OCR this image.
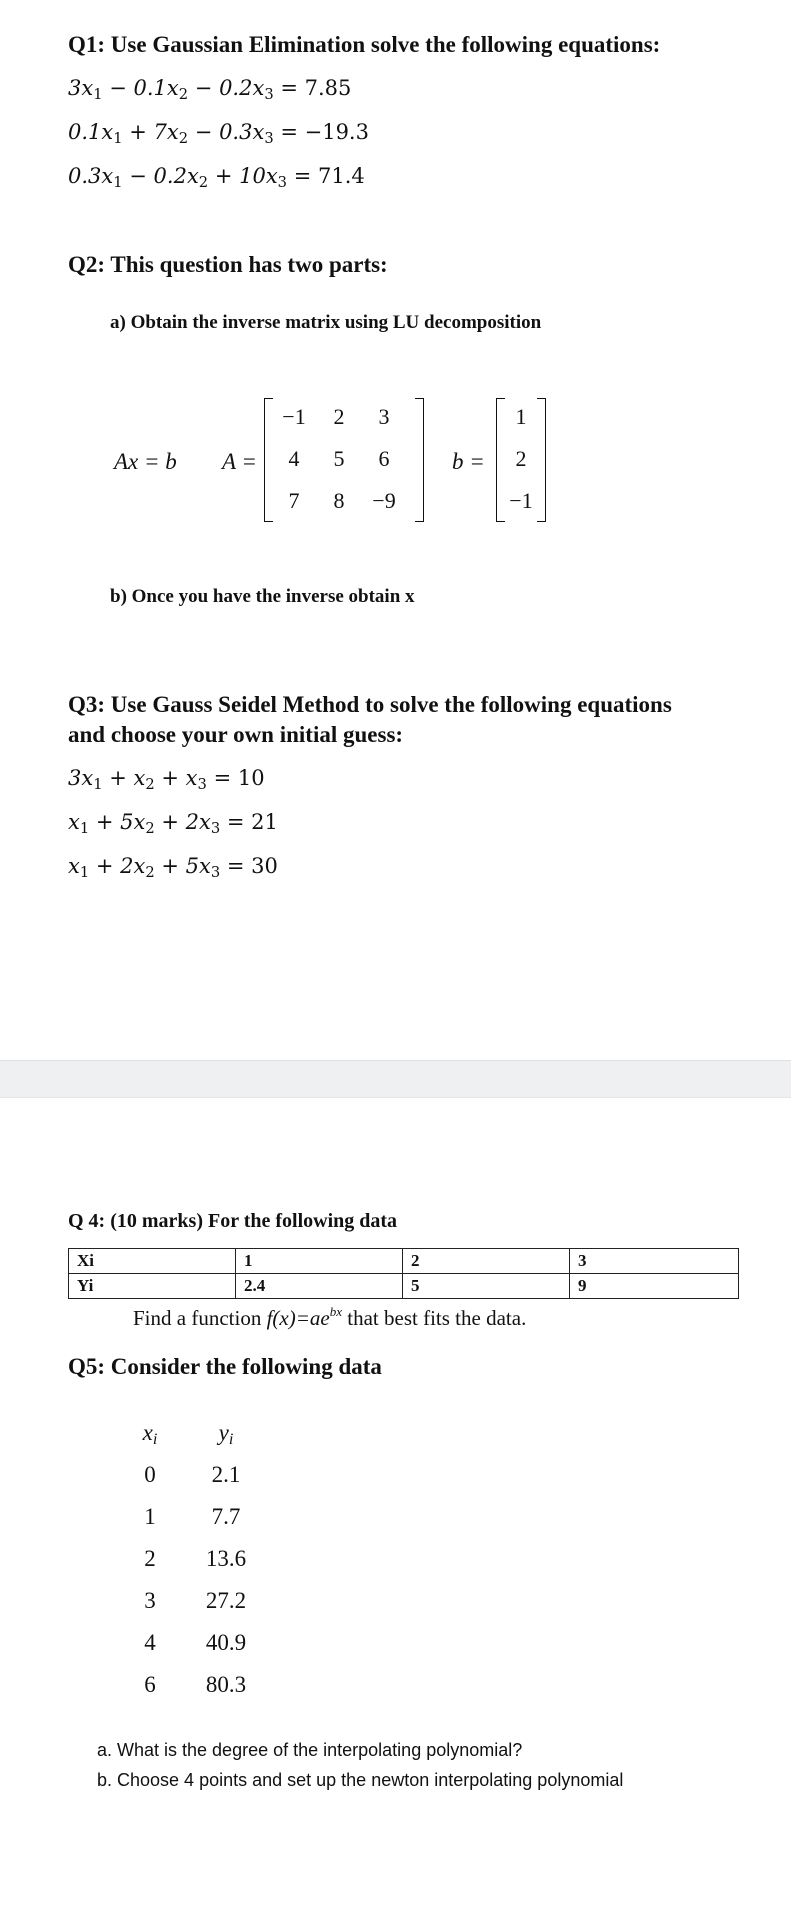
Q1: Use Gaussian Elimination solve the following equations:
$3x_1 - 0.1x_2 - 0.2x_3 = 7.85$
$0.1x_1 + 7x_2 - 0.3x_3 = -19.3$
$0.3x_1 - 0.2x_2 + 10x_3 = 71.4$
Q2: This question has two parts:
a) Obtain the inverse matrix using LU decomposition
Ax = b A =
−1	2	3
4	5	6
7	8	−9
b =
1
2
−1
b) Once you have the inverse obtain x
Q3: Use Gauss Seidel Method to solve the following equations
and choose your own initial guess:
$3x_1 + x_2 + x_3 = 10$
$x_1 + 5x_2 + 2x_3 = 21$
$x_1 + 2x_2 + 5x_3 = 30$
Q 4: (10 marks) For the following data
Xi	1	2	3
Yi	2.4	5	9
Find a function $f(x)=ae^{bx}$ that best fits the data.
Q5: Consider the following data
$x_i$	$y_i$
0	2.1
1	7.7
2	13.6
3	27.2
4	40.9
6	80.3
a. What is the degree of the interpolating polynomial?
b. Choose 4 points and set up the newton interpolating polynomial
